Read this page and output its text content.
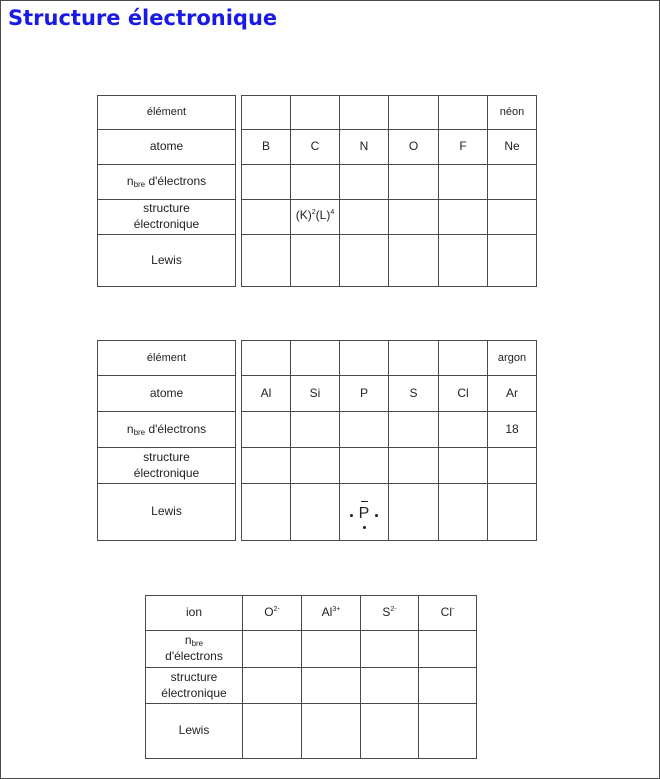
Structure électronique
élément							néon
atome		B	C	N	O	F	Ne
$n_{bre}$ d'électrons							
structure
électronique			$(K)^2(L)^4$				
Lewis							
élément							argon
atome		Al	Si	P	S	Cl	Ar
$n_{bre}$ d'électrons							18
structure
électronique							
Lewis				P			

ion	$O^{2-}$	$Al^{3+}$	$S^{2-}$	Cl-
$n_{bre}$
d'électrons				
structure
électronique				
Lewis				
